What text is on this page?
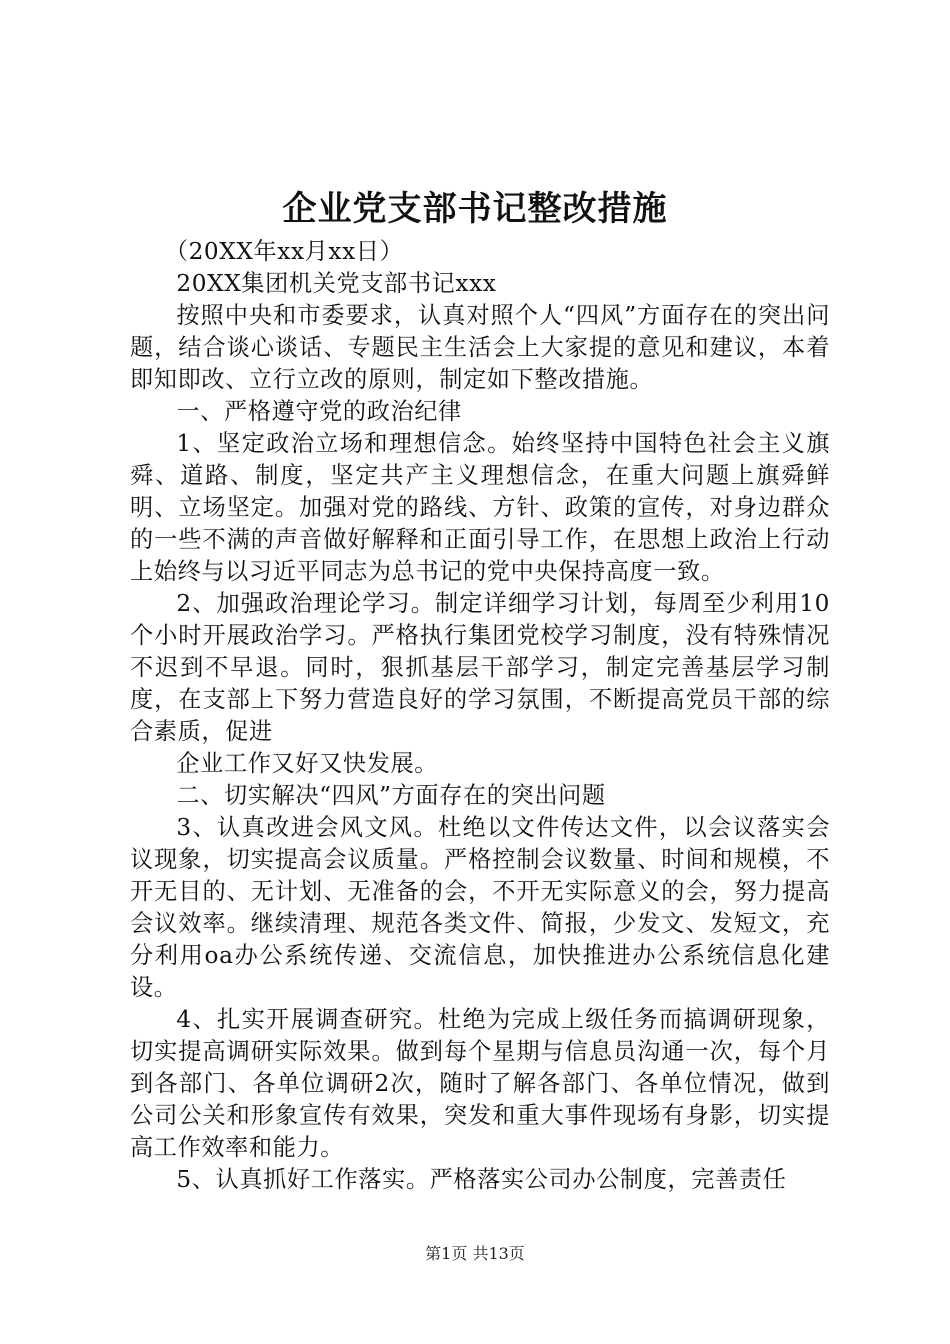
企业党支部书记整改措施

（20XX年xx月xx日）

20XX集团机关党支部书记xxx

按照中央和市委要求，认真对照个人“四风”方面存在的突出问题，结合谈心谈话、专题民主生活会上大家提的意见和建议，本着即知即改、立行立改的原则，制定如下整改措施。

一、严格遵守党的政治纪律

1、坚定政治立场和理想信念。始终坚持中国特色社会主义旗舜、道路、制度，坚定共产主义理想信念，在重大问题上旗舜鲜明、立场坚定。加强对党的路线、方针、政策的宣传，对身边群众的一些不满的声音做好解释和正面引导工作，在思想上政治上行动上始终与以习近平同志为总书记的党中央保持高度一致。

2、加强政治理论学习。制定详细学习计划，每周至少利用10个小时开展政治学习。严格执行集团党校学习制度，没有特殊情况不迟到不早退。同时，狠抓基层干部学习，制定完善基层学习制度，在支部上下努力营造良好的学习氛围，不断提高党员干部的综合素质，促进

企业工作又好又快发展。

二、切实解决“四风”方面存在的突出问题

3、认真改进会风文风。杜绝以文件传达文件，以会议落实会议现象，切实提高会议质量。严格控制会议数量、时间和规模，不开无目的、无计划、无准备的会，不开无实际意义的会，努力提高会议效率。继续清理、规范各类文件、简报，少发文、发短文，充分利用oa办公系统传递、交流信息，加快推进办公系统信息化建设。

4、扎实开展调查研究。杜绝为完成上级任务而搞调研现象，切实提高调研实际效果。做到每个星期与信息员沟通一次，每个月到各部门、各单位调研2次，随时了解各部门、各单位情况，做到公司公关和形象宣传有效果，突发和重大事件现场有身影，切实提高工作效率和能力。

5、认真抓好工作落实。严格落实公司办公制度，完善责任

第1页 共13页
